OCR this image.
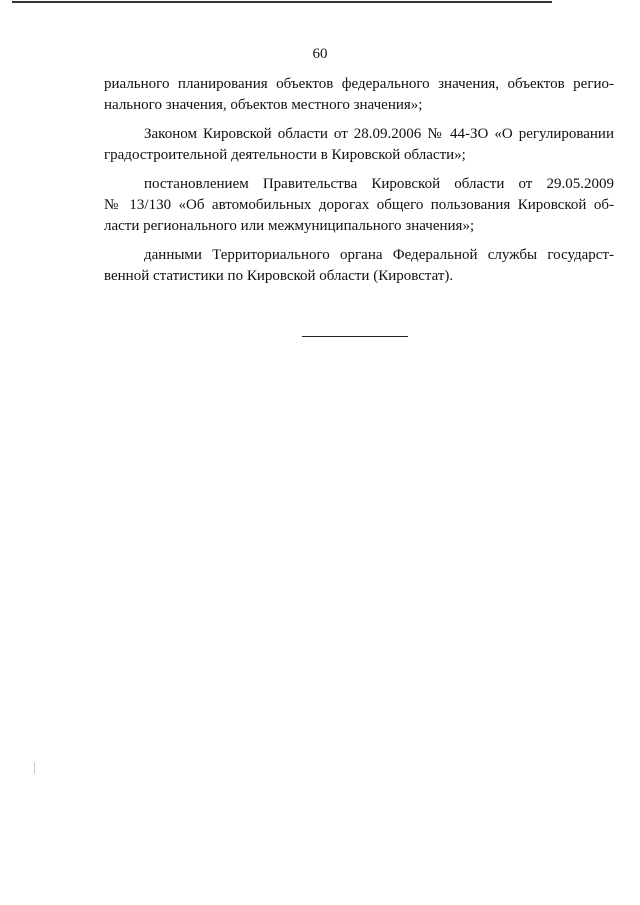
60
риального планирования объектов федерального значения, объектов регио-
нального значения, объектов местного значения»;
Законом Кировской области от 28.09.2006 № 44-ЗО «О регулировании
градостроительной деятельности в Кировской области»;
постановлением Правительства Кировской области от 29.05.2009
№ 13/130 «Об автомобильных дорогах общего пользования Кировской об-
ласти регионального или межмуниципального значения»;
данными Территориального органа Федеральной службы государст-
венной статистики по Кировской области (Кировстат).
